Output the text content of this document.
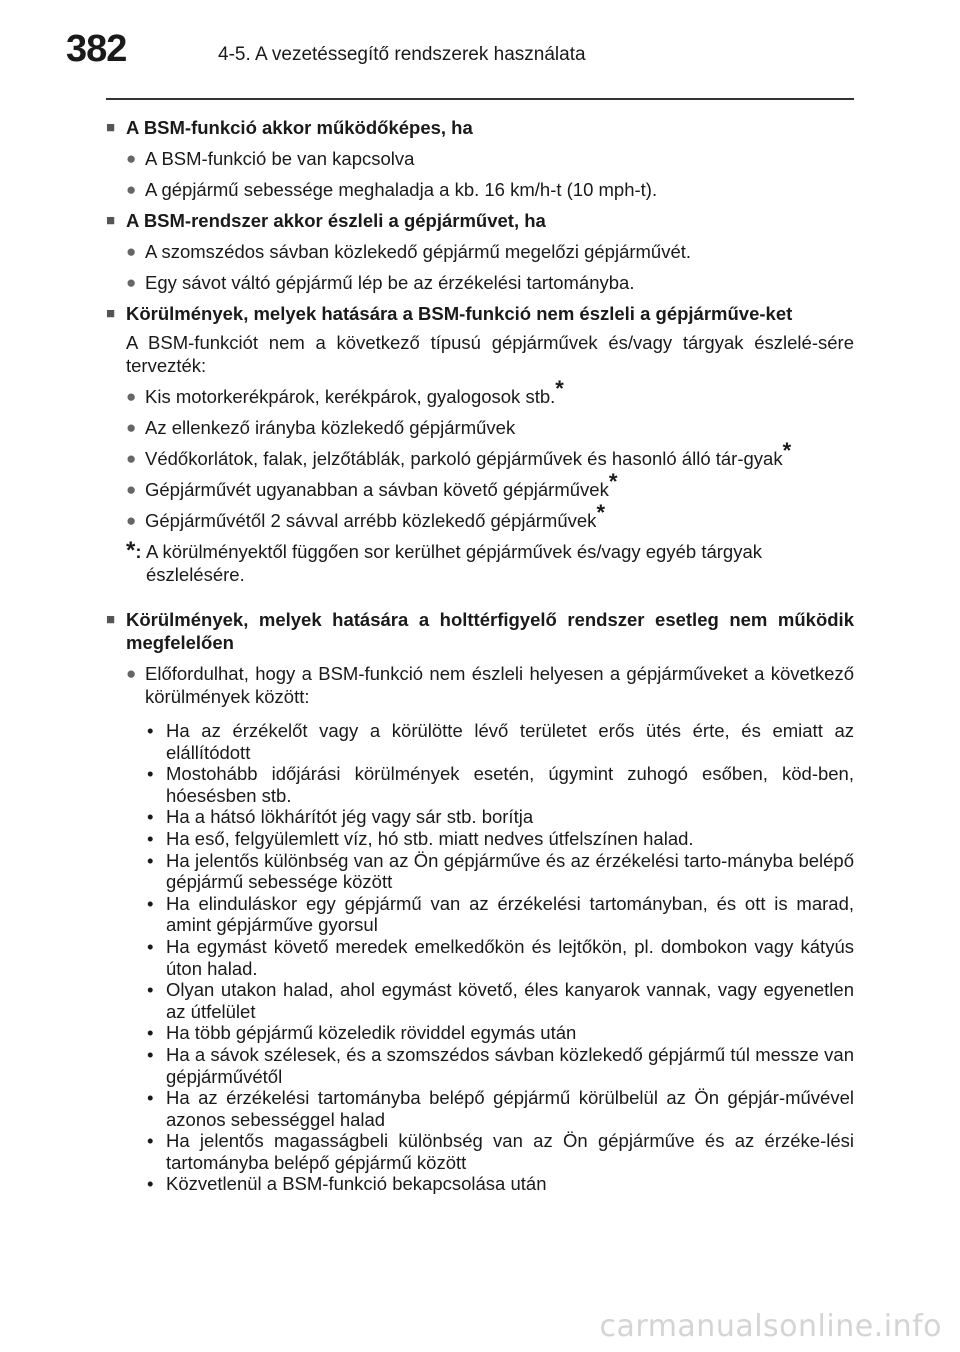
382	4-5. A vezetéssegítő rendszerek használata
■ A BSM-funkció akkor működőképes, ha
● A BSM-funkció be van kapcsolva
● A gépjármű sebessége meghaladja a kb. 16 km/h-t (10 mph-t).
■ A BSM-rendszer akkor észleli a gépjárművet, ha
● A szomszédos sávban közlekedő gépjármű megelőzi gépjárművét.
● Egy sávot váltó gépjármű lép be az érzékelési tartományba.
■ Körülmények, melyek hatására a BSM-funkció nem észleli a gépjárműve-ket
A BSM-funkciót nem a következő típusú gépjárművek és/vagy tárgyak észlelé-sére tervezték:
● Kis motorkerékpárok, kerékpárok, gyalogosok stb.*
● Az ellenkező irányba közlekedő gépjárművek
● Védőkorlátok, falak, jelzőtáblák, parkoló gépjárművek és hasonló álló tár-gyak*
● Gépjárművét ugyanabban a sávban követő gépjárművek*
● Gépjárművétől 2 sávval arrébb közlekedő gépjárművek*
*: A körülményektől függően sor kerülhet gépjárművek és/vagy egyéb tárgyak észlelésére.
■ Körülmények, melyek hatására a holttérfigyelő rendszer esetleg nem működik megfelelően
● Előfordulhat, hogy a BSM-funkció nem észleli helyesen a gépjárműveket a következő körülmények között:
• Ha az érzékelőt vagy a körülötte lévő területet erős ütés érte, és emiatt az elállítódott
• Mostohább időjárási körülmények esetén, úgymint zuhogó esőben, köd-ben, hóesésben stb.
• Ha a hátsó lökhárítót jég vagy sár stb. borítja
• Ha eső, felgyülemlett víz, hó stb. miatt nedves útfelszínen halad.
• Ha jelentős különbség van az Ön gépjárműve és az érzékelési tarto-mányba belépő gépjármű sebessége között
• Ha elinduláskor egy gépjármű van az érzékelési tartományban, és ott is marad, amint gépjárműve gyorsul
• Ha egymást követő meredek emelkedőkön és lejtőkön, pl. dombokon vagy kátyús úton halad.
• Olyan utakon halad, ahol egymást követő, éles kanyarok vannak, vagy egyenetlen az útfelület
• Ha több gépjármű közeledik röviddel egymás után
• Ha a sávok szélesek, és a szomszédos sávban közlekedő gépjármű túl messze van gépjárművétől
• Ha az érzékelési tartományba belépő gépjármű körülbelül az Ön gépjár-művével azonos sebességgel halad
• Ha jelentős magasságbeli különbség van az Ön gépjárműve és az érzéke-lési tartományba belépő gépjármű között
• Közvetlenül a BSM-funkció bekapcsolása után
carmanualsonline.info
